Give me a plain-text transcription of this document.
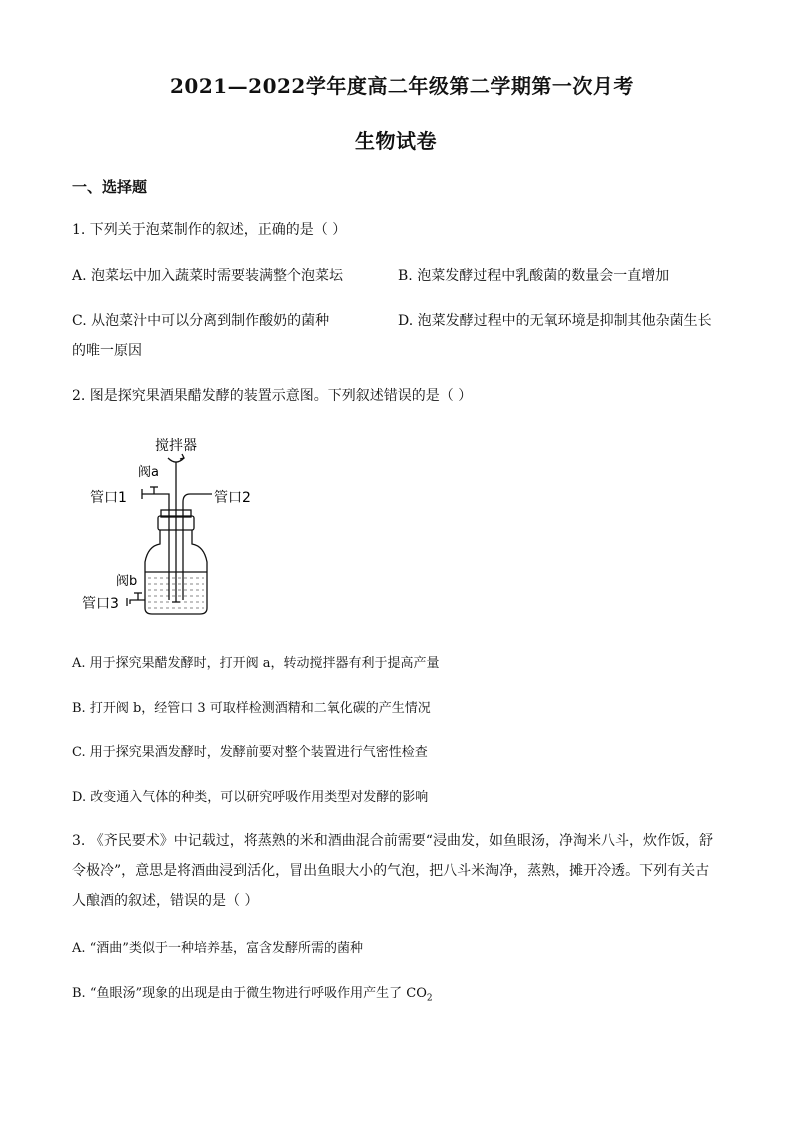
2021—2022学年度高二年级第二学期第一次月考
生物试卷
一、选择题
1. 下列关于泡菜制作的叙述，正确的是（ ）
A. 泡菜坛中加入蔬菜时需要装满整个泡菜坛	B. 泡菜发酵过程中乳酸菌的数量会一直增加
C. 从泡菜汁中可以分离到制作酸奶的菌种	D. 泡菜发酵过程中的无氧环境是抑制其他杂菌生长
的唯一原因
2. 图是探究果酒果醋发酵的装置示意图。下列叙述错误的是（ ）
搅拌器
阀a
管口1	管口2
阀b
管口3
A. 用于探究果醋发酵时，打开阀 a，转动搅拌器有利于提高产量
B. 打开阀 b，经管口 3 可取样检测酒精和二氧化碳的产生情况
C. 用于探究果酒发酵时，发酵前要对整个装置进行气密性检查
D. 改变通入气体的种类，可以研究呼吸作用类型对发酵的影响
3. 《齐民要术》中记载过，将蒸熟的米和酒曲混合前需要“浸曲发，如鱼眼汤，净淘米八斗，炊作饭，舒
令极冷”，意思是将酒曲浸到活化，冒出鱼眼大小的气泡，把八斗米淘净，蒸熟，摊开冷透。下列有关古
人酿酒的叙述，错误的是（ ）
A. “酒曲”类似于一种培养基，富含发酵所需的菌种
B. “鱼眼汤”现象的出现是由于微生物进行呼吸作用产生了 $CO_2$
